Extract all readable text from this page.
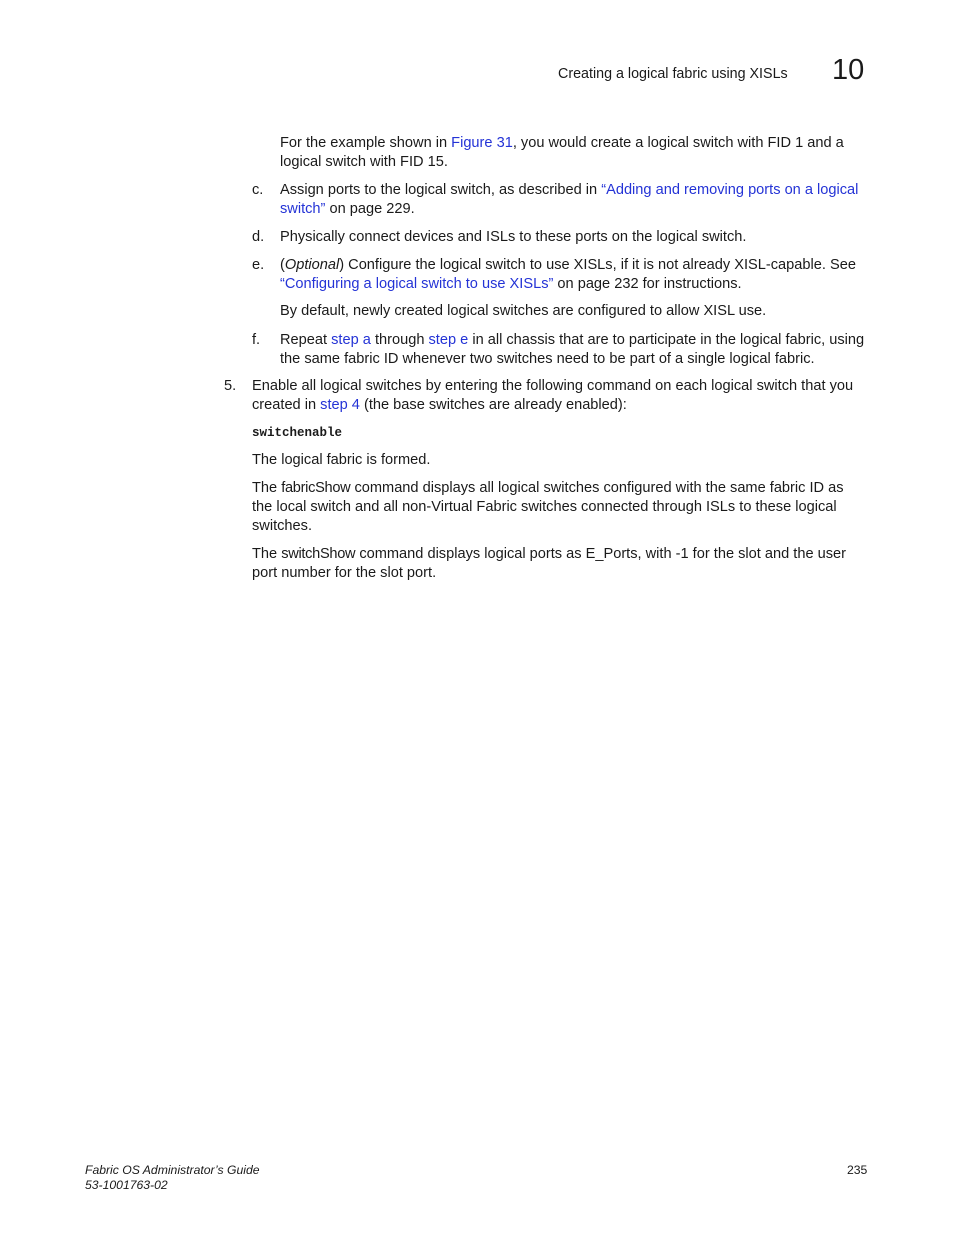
Creating a logical fabric using XISLs 10
For the example shown in Figure 31, you would create a logical switch with FID 1 and a logical switch with FID 15.
c. Assign ports to the logical switch, as described in “Adding and removing ports on a logical switch” on page 229.
d. Physically connect devices and ISLs to these ports on the logical switch.
e. (Optional) Configure the logical switch to use XISLs, if it is not already XISL-capable. See “Configuring a logical switch to use XISLs” on page 232 for instructions.
By default, newly created logical switches are configured to allow XISL use.
f. Repeat step a through step e in all chassis that are to participate in the logical fabric, using the same fabric ID whenever two switches need to be part of a single logical fabric.
5. Enable all logical switches by entering the following command on each logical switch that you created in step 4 (the base switches are already enabled):
switchenable
The logical fabric is formed.
The fabricShow command displays all logical switches configured with the same fabric ID as the local switch and all non-Virtual Fabric switches connected through ISLs to these logical switches.
The switchShow command displays logical ports as E_Ports, with -1 for the slot and the user port number for the slot port.
Fabric OS Administrator’s Guide
53-1001763-02
235
